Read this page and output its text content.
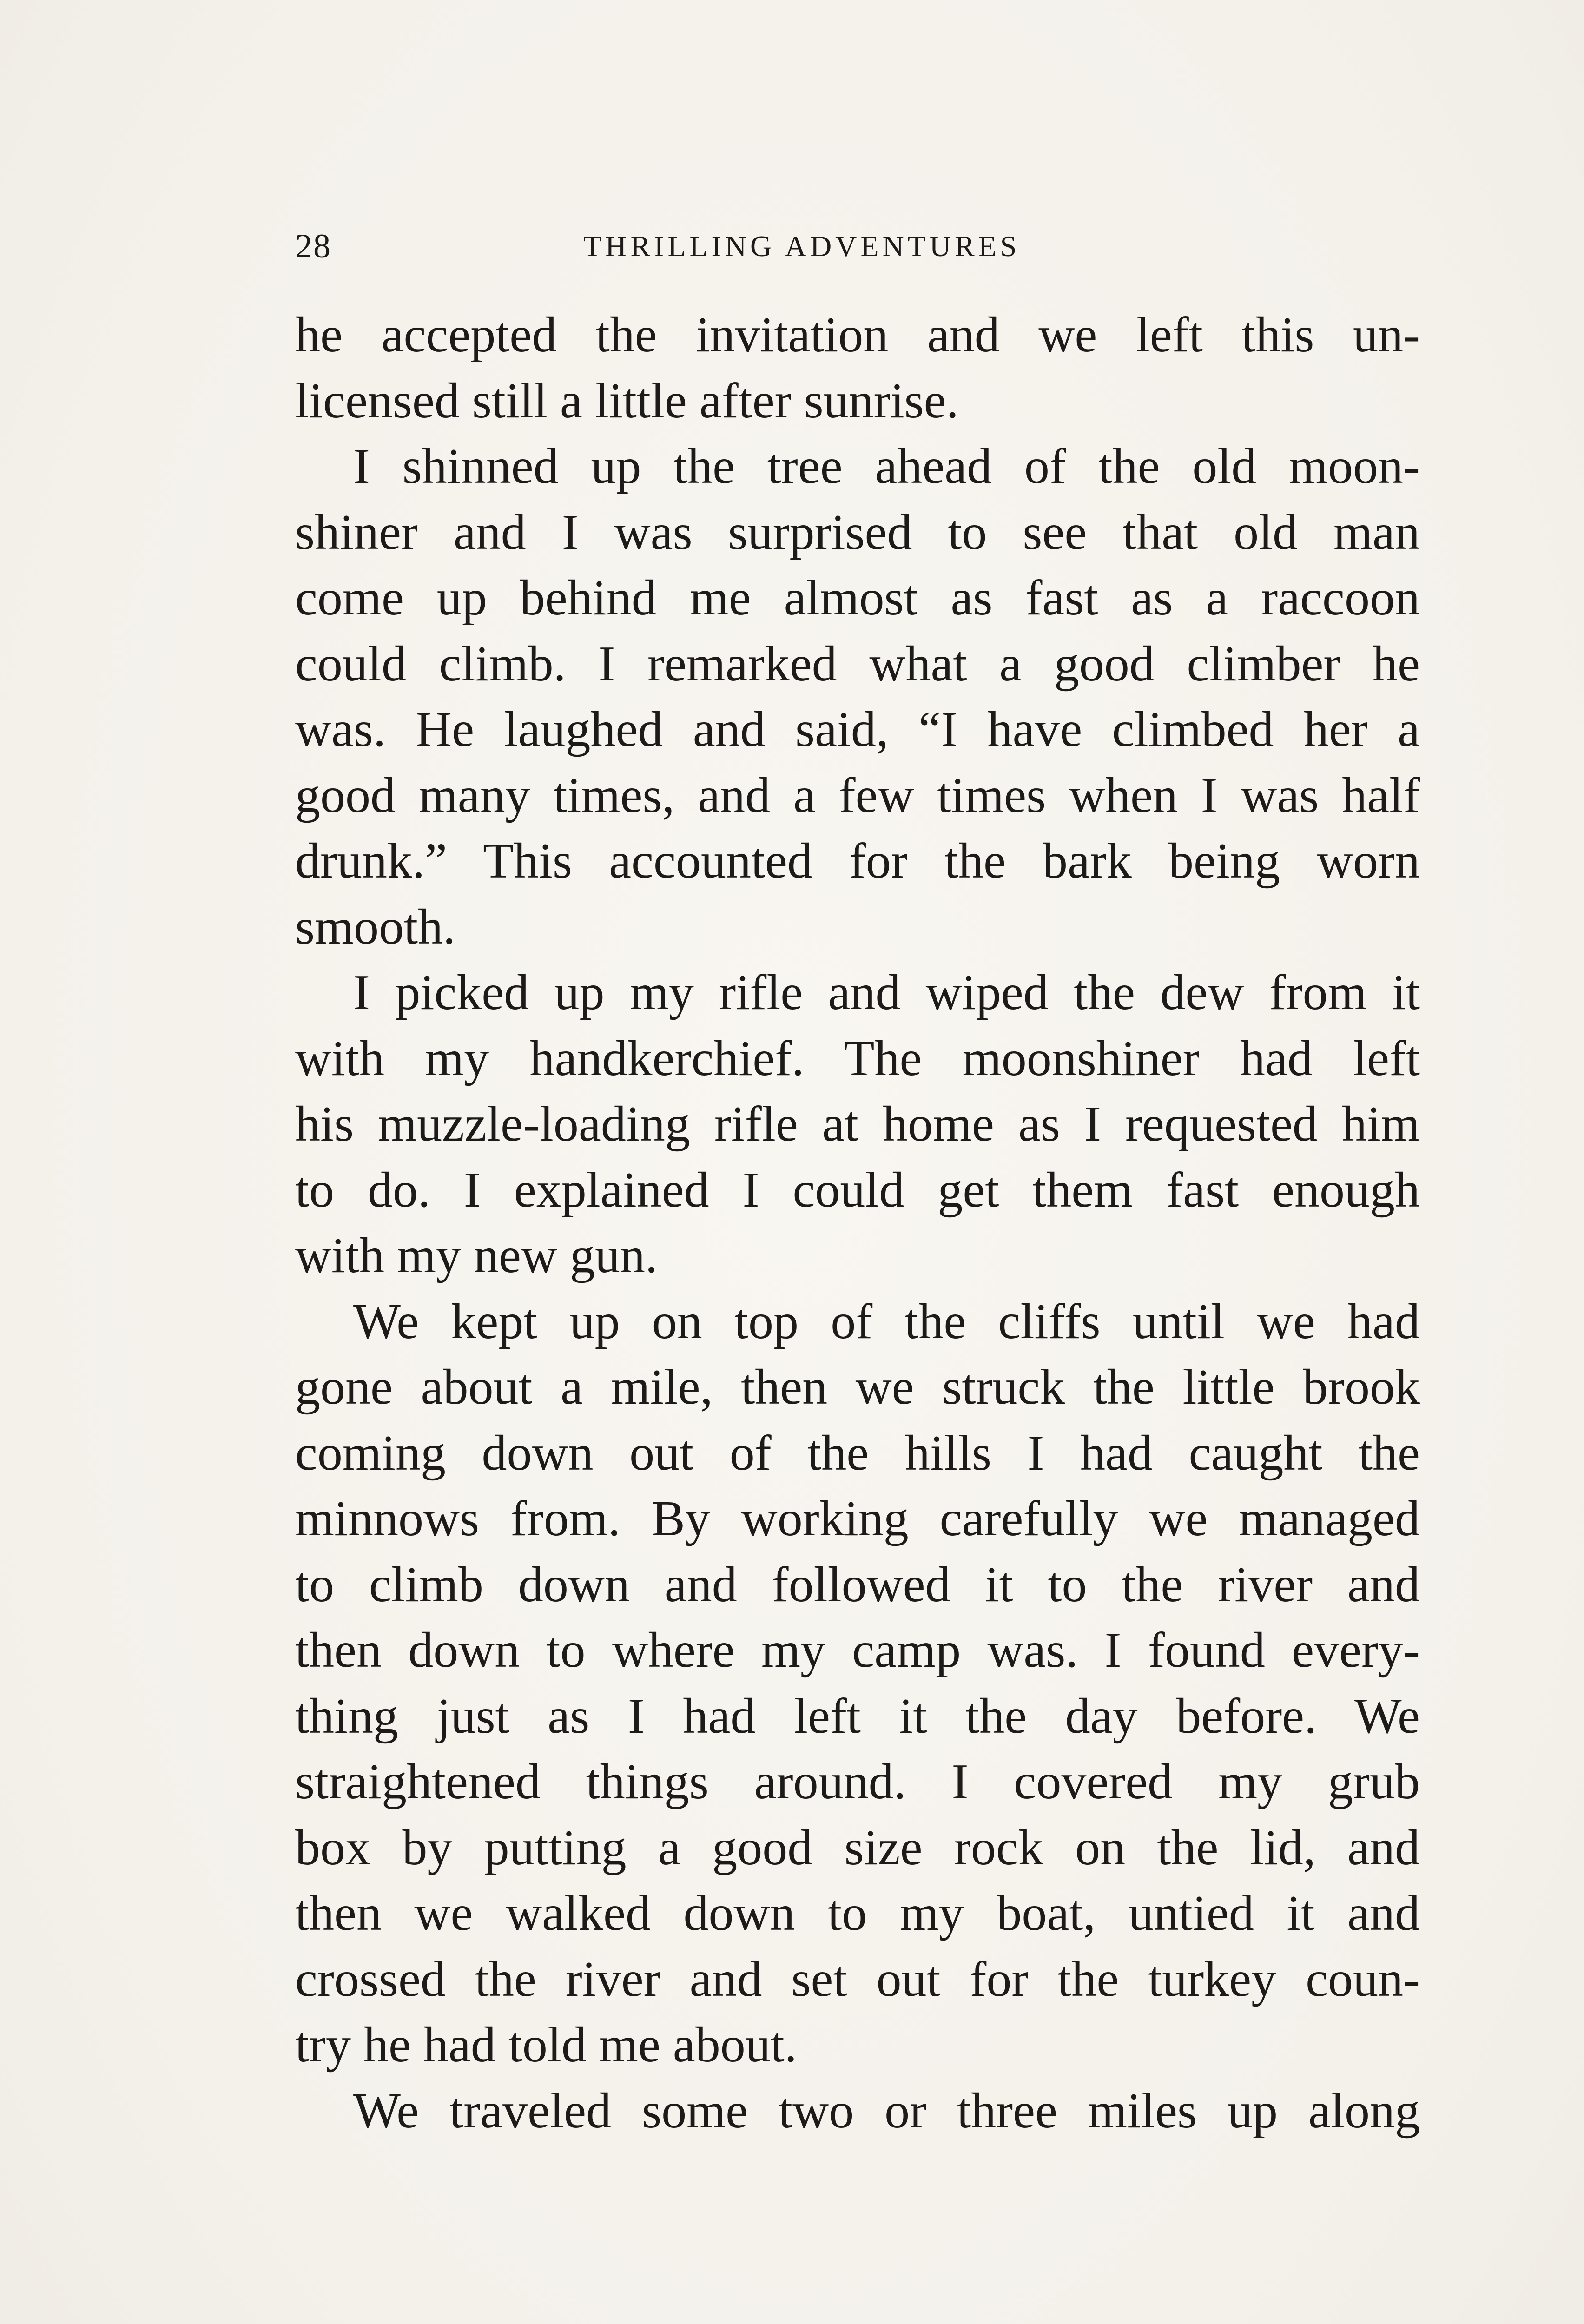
28	THRILLING ADVENTURES
he accepted the invitation and we left this un-
licensed still a little after sunrise.
I shinned up the tree ahead of the old moon-
shiner and I was surprised to see that old man
come up behind me almost as fast as a raccoon
could climb. I remarked what a good climber he
was. He laughed and said, “I have climbed her a
good many times, and a few times when I was half
drunk.” This accounted for the bark being worn
smooth.
I picked up my rifle and wiped the dew from it
with my handkerchief. The moonshiner had left
his muzzle-loading rifle at home as I requested him
to do. I explained I could get them fast enough
with my new gun.
We kept up on top of the cliffs until we had
gone about a mile, then we struck the little brook
coming down out of the hills I had caught the
minnows from. By working carefully we managed
to climb down and followed it to the river and
then down to where my camp was. I found every-
thing just as I had left it the day before. We
straightened things around. I covered my grub
box by putting a good size rock on the lid, and
then we walked down to my boat, untied it and
crossed the river and set out for the turkey coun-
try he had told me about.
We traveled some two or three miles up along
